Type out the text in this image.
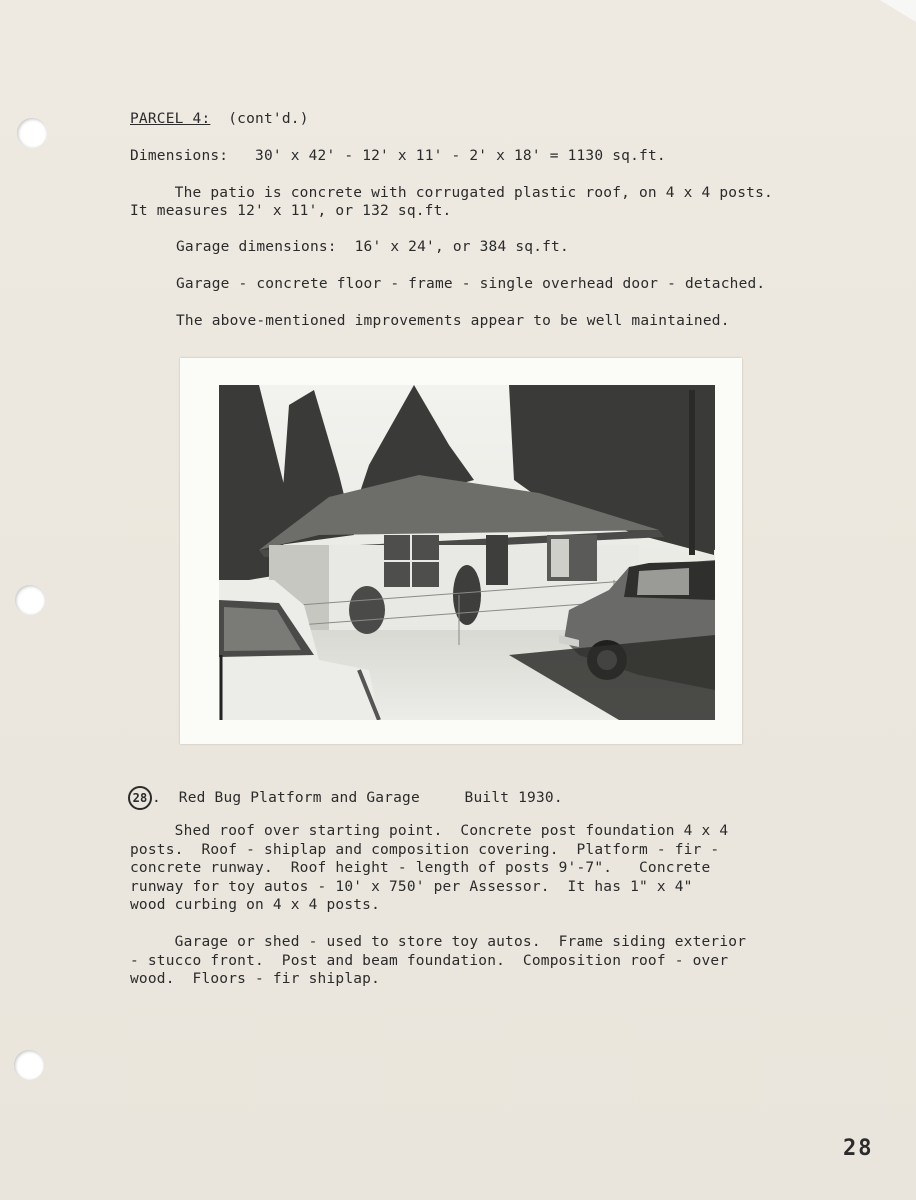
PARCEL 4: (cont'd.)
Dimensions: 30' x 42' - 12' x 11' - 2' x 18' = 1130 sq.ft.
The patio is concrete with corrugated plastic roof, on 4 x 4 posts.
It measures 12' x 11', or 132 sq.ft.
Garage dimensions:  16' x 24', or 384 sq.ft.
Garage - concrete floor - frame - single overhead door - detached.
The above-mentioned improvements appear to be well maintained.
28 .  Red Bug Platform and Garage     Built 1930.
Shed roof over starting point.  Concrete post foundation 4 x 4
posts.  Roof - shiplap and composition covering.  Platform - fir -
concrete runway.  Roof height - length of posts 9'-7".   Concrete
runway for toy autos - 10' x 750' per Assessor.  It has 1" x 4"
wood curbing on 4 x 4 posts.
Garage or shed - used to store toy autos.  Frame siding exterior
- stucco front.  Post and beam foundation.  Composition roof - over
wood.  Floors - fir shiplap.
28
